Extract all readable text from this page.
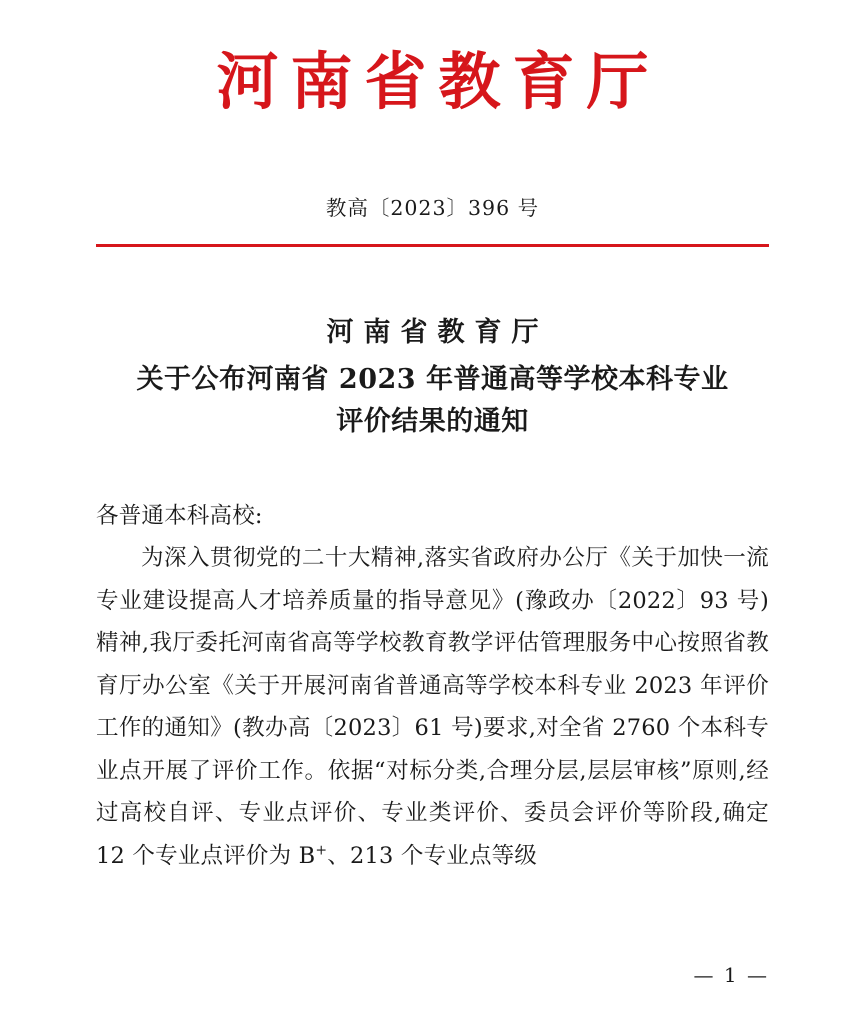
河南省教育厅
教高〔2023〕396 号
河南省教育厅
关于公布河南省 2023 年普通高等学校本科专业
评价结果的通知

各普通本科高校:

为深入贯彻党的二十大精神,落实省政府办公厅《关于加快一流专业建设提高人才培养质量的指导意见》(豫政办〔2022〕93 号)精神,我厅委托河南省高等学校教育教学评估管理服务中心按照省教育厅办公室《关于开展河南省普通高等学校本科专业 2023 年评价工作的通知》(教办高〔2023〕61 号)要求,对全省 2760 个本科专业点开展了评价工作。依据“对标分类,合理分层,层层审核”原则,经过高校自评、专业点评价、专业类评价、委员会评价等阶段,确定 12 个专业点评价为 B+、213 个专业点等级

— 1 —
